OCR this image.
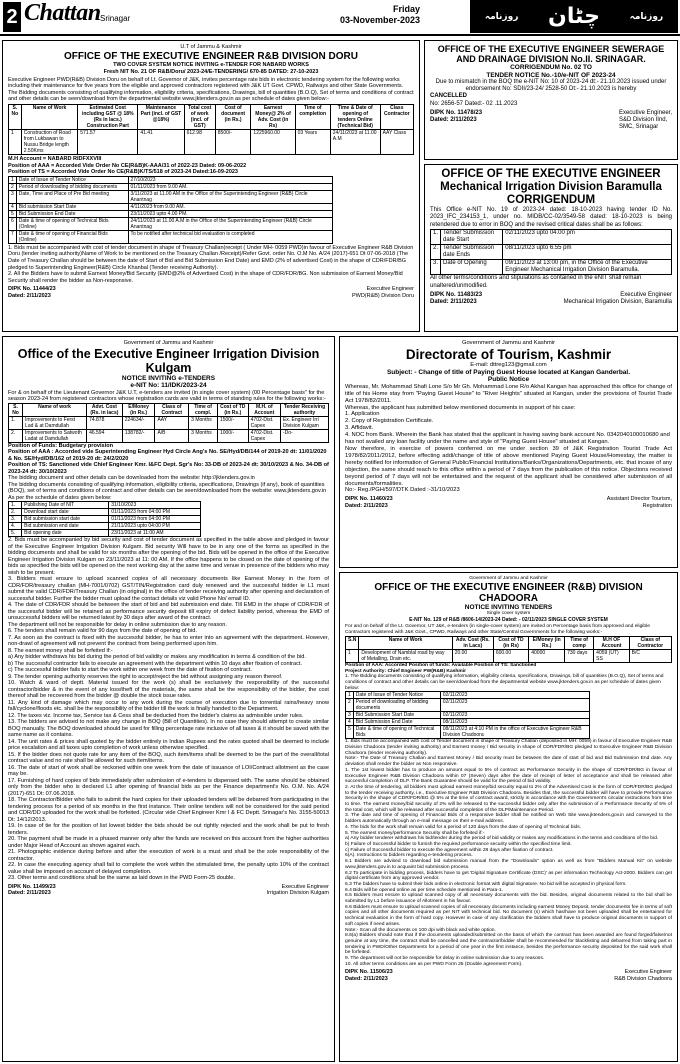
2 Chattan Srinagar
Friday
03-November-2023	روزنامہ چٹان	روزنامہ
U.T of Jammu & Kashmir
OFFICE OF THE EXECUTIVE ENGINEER R&B DIVISION DORU
TWO COVER SYSTEM NOTICE INVITING e-TENDER FOR NABARD WORKS
Fresh NIT No. 21 OF R&B/Doru/ 2023-24/E-TENDERING/ 670-85 DATED: 27-10-2023
Executive Engineer PWD(R&B) Division Doru on behalf of Lt. Governor of J&K, invites percentage rate bids in electronic tendering system for the following works including their maintenance for five years from the eligible and approved contractors registered with J&K UT Govt. CPWD, Railways and other State Governments. The Bidding documents consisting of qualifying information, eligibility criteria, specifications, Drawings, bill of quantities (B.O.Q), Set of terms and conditions of contract and other details can be seen/download from the departmental website www.jktenders.gov.in as per schedule of dates given below:-
S. No	Name of Work	Estimated Cost including GST @ 18% (Rs in lacs.) Construction Part	Maintenance Part (incl. of GST @18%)	Total cost of work (incl. of GST)	Cost of document (in Rs.)	Earnest Money@ 2% of Adv. Cost (in Rs)	Time of completion	Time & Date of opening of tenders Online (Technical Bid)	Class Contractor
1	Construction of Road from Lukbawan to Nussu Bridge length 2.50Kms	571.57	41.41	612.98	8500/-	1225960.00	03 Years	24/11/2023 at 11.00 A.M	AAY Class
M.H Account = NABARD RIDFXXVIII
Position of AAA = Accorded Vide Order No CE(R&B)K-AAA/31 of 2022-23 Dated: 09-06-2022
Position of TS = Accorded Vide Order No CE(R&B)K/TS/518 of 2023-24 Dated:16-09-2023
1	Date of Issue of Tender Notice	27/10/2023
2	Period of downloading of bidding documents	01/11/2023 from 9.00 AM.
3	Date, Time and Place of Pre Bid meeting	3/11/2023 at 11.00 AM in the Office of the Superintending Engineer (R&B) Circle Anantnag
4	Bid submission Start Date	4/11/2023 from 9.00 AM.
5	Bid Submission End Date	23/11/2023 upto 4.00 PM.
6	Date & time of opening of Technical Bids (Online)	24/11/2023 at 11.00 A.M in the Office of the Superintending Engineer (R&B) Circle Anantnag
7	Date & time of opening of Financial Bids (Online)	To be notified after technical bid evaluation is completed
1. Bids must be accompanied with cost of tender document in shape of Treasury Challan(receipt ( Under MH- 0059 PWD)in favour of Executive Engineer R&B Division Doru (tender inviting authority)Name of Work to be mentioned on the Treasury Challan /Receipt)/Refer Govt. order No. O.M No. A/24 (2017)-651 Dt 07-06-2018 (The Date of Treasury Challan should be between the date of Start of Bid and Bid Submission End Date) and EMD (2% of advertised Cost) in the shape of CDR/FDR/BG pledged to Superintending Engineer(R&B) Circle Khanbal (Tender receiving Authority).
2. All the Bidders have to submit Earnest Money/Bid Security (EMD@2% of Advertised Cost) in the shape of CDR/FDR/BG. Non submission of Earnest Money/Bid Security shall render the bidder as Non-responsive.
DIPK No. 11444/23
Dated: 2/11/2023
Executive Engineer
PWD(R&B) Division Doru
OFFICE OF THE EXECUTIVE ENGINEER SEWERAGE AND DRAINAGE DIVISION No.II. SRINAGAR.
CORRIGENDUM No. 02 TO
TENDER NOTICE No.-10/e-NIT OF 2023-24
Due to mismatch in the BOQ the e-NIT No: 10 of 2023-24 dt:- 21.10.2023 issued under endorsement No: SDII/23-24/ 2528-50 Dt:- 21.10.2023 is hereby
CANCELLED
No: 2656-57 Dated:- 02 .11.2023
DIPK No. 11478/23
Dated: 2/11/2023
Executive Engineer,
S&D Division IInd,
SMC, Srinagar
OFFICE OF THE EXECUTIVE ENGINEER Mechanical Irrigation Division Baramulla
CORRIGENDUM
This Office e-NIT No. 19 of 2023-24 dated: 18-10-2023 having tender ID No. 2023_IFC_234153_1, under no. MIDB/CC-02/3549-58 dated: 18-10-2023 is being retendered due to error in BOQ and the revised critical dates shall be as follows:
1.	Tender Submission date Start	02/11/2023 upto 04.00 pm
2.	Tender Submission date Ends	08/11/2023 upto 6.55 pm
3.	Date of Opening	09/11/2023 at 13:00 pm, in the Office of the Executive Engineer Mechanical Irrigation Division Baramulla.
All other terms/conditions and stipulations as contained in the eNIT shall remain unaltered/unmodified.
DIPK No. 11483/23
Dated: 2/11/2023
Executive Engineer
Mechanical Irrigation Division, Baramulla
Government of Jammu and Kashmir
Office of the Executive Engineer Irrigation Division Kulgam
NOTICE INVITING e-TENDERS
e-NIT No: 11/IDK/2023-24
For & on behalf of the Lieutenant Governor J&K U.T, e-tenders are invited (in single cover system) (00 Percentage basis" for the season 2023-24 from registered contractors whose registration cards are valid in terms of standing rules for the following works:-
S. No	Name of work	Advt. Cost (Rs. in lacs)	E/Money (in Rs.)	Class of Contract	Time of compl.	Cost of TD (in Rs.)	M.H. of Account	Tender Receiving authority
1.	Improvements to Ferst Lad & at Damdullah	74.878	224634/-	AAY	3 Months	1500/-	4702-Dist. Capex	Ex. Engineer Irri Division Kulgam
2.	Improvements to Satwoth Ladat at Damdullah	46.594	138782/-	A/B	3 Months	1000/-	4702-Dist. Capex	-Do-
Position of Funds: Budgetary provision
Position of AAA : Accorded vide Superintending Engineer Hyd Circle Ang's No. SE/Hyd/DB/144 of 2019-20 dt: 11/01/2020 & No. SE/Hyd/DB/162 of 2019-20 dt: 24/2/2020
Position of TS: Sanctioned vide Chief Engineer Kmr. I&FC Dept. Sgr's No: 33-DB of 2023-24 dt: 30/10/2023 & No. 34-DB of 2023-24 dt: 30/10/2023
The bidding document and other details can be downloaded from the website: http://jktenders.gov.in
The bidding documents consisting of qualifying information, eligibility criteria, specifications, Drawings (if any), book of quantities (BOQ), set of terms and conditions of contract and other details can be seen/downloaded from the website: www.jktenders.gov.in
As per the schedule of dates given below:
1.	Publishing Date of NIT	31/10/2023
2.	Download start date	01/11/2023 from 04:00 PM
3.	Bid submission start date	01/11/2023 from 04:00 PM
4.	Bid submission end date	21/11/2023 upto 04:00 PM
5.	Bid opening date	23/11/2023 at 11:00 AM

2. Bids must be accompanied by bid security and cost of tender document as specified in the table above and pledged in favour of the Executive Engineer Irrigation Division Kulgam. Bid security Will have to be in any one of the forms as specified in the bidding documents and shall be valid for six months after the opening of the bid. Bids will be opened in the office of the Executive Engineer Irrigation Division Kulgam on 23/11/2023 at 11: 00 AM. If the office happens to be closed on the date of opening of the bids as specified the bids will be opened on the next working day at the same time and venue in presence of the bidders who may wish to be present.

3. Bidders must ensure to upload scanned copies of all necessary documents like Earnest Money in the form of CDR/FDR/treasury challan (MH-7001/0702) GST/TIN/Registration card duly renewed and the successful bidder ie L1 must submit the valid CDR/FDR/Treasury Challan (in original) in the office of tender receiving authority after opening and declaration of successful bidder. Further the bidder must upload the contact details viz valid Phone No/ email ID.

4. The date of CDR/FDR should be between the start of bid and bid submission end date. Till EMD in the shape of CDR/FDR of the successful bidder will be retained as performance security deposit till expiry of defect liability period, whereas the EMD of unsuccessful bidders will be returned latest by 30 days after award of the contract.

The department will not be responsible for delay in online submission due to any reason.

6. The tenders shall remain valid for 90 days from the date of opening of bid.

7. As soon as the contract is fixed with the successful bidder, he has to enter into an agreement with the department. However, non-drawl of agreement will not prevent the contract from being performed upon him.

8. The earnest money shall be forfeited if:-

a) Any bidder withdraws his bid during the period of bid validity or makes any modification in terms & condition of the bid.

b) The successful contractor fails to execute an agreement with the department within 10 days after fixation of contract.

c) The successful bidder fails to start the work within one week from the date of fixation of contract.

9. The tender opening authority reserves the right to accept/reject the bid without assigning any reason thereof.

10. Watch & ward of deptt. Material issued for the work (s) shall be exclusively the responsibility of the successful contractor/bidder & in the event of any loss/theft of the materials, the same shall be the responsibility of the bidder, the cost thereof shall be recovered from the bidder @ double the stock issue rates.

11. Any kind of damage which may occur to any work during the course of execution due to torrential rains/heavy snow fall/cyclone/floods etc. shall be the responsibility of the bidder till the work is finally handed to the Department.

12. The taxes viz. Income tax, Service tax & Cess shall be deducted from the bidder's claims as admissible under rules.

13. The bidders are advised to not make any change in BOQ (Bill of Quantities). In no case they should attempt to create similar BOQ manually. The BOQ downloaded should be used for filling percentage rate inclusive of all taxes & it should be saved with the same name as it contains.

14. The unit rates & prices shall quoted by the bidder entirely in Indian Rupees and the rates quoted shall be deemed to include price escalation and all taxes upto completion of work unless otherwise specified.

15. If the bidder does not quote rate for any item of the BOQ, such item/items shall be deemed to be the part of the overall/total contract value and no rate shall be allowed for such item/items.

16. The date of start of work shall be reckoned within one week from the date of issuance of LOI/Contract allotment as the case may be.

17. Furnishing of hard copies of bids immediately after submission of e-tenders is dispensed with. The same should be obtained only from the bidder who is declared L1 after opening of financial bids as per the Finance department's No. O.M. No. A/24 (2017)-651 Dt: 07.06.2018.

18. The Contractor/Bidder who fails to submit the hard copies for their uploaded tenders will be debarred from participating in the tendering process for a period of six months in the first instance. Their online tenders will not be considered for the said period and CDR/DD uploaded for the work shall be forfeited. (Circular vide Chief Engineer Kmr I & FC Deptt. Srinagar's No. 3155-50013 Dt: 14/12/2013.

19. In case of tie for the position of list lowest bidder the bids should be out rightly rejected and the work shall be put to fresh tenders.

20. The payment shall be made in a phased manner only after the funds are received on this account from the higher authorities under Major Head of Account as shown against each.

21. Photographic evidence during before and after the execution of work is a must and shall be the sole responsibility of the contractor.

22. In case the executing agency shall fail to complete the work within the stimulated time, the penalty upto 10% of the contract value shall be imposed on account of delayed completion.

23. Other terms and conditions shall be the same as laid down in the PWD Form-25 double.

DIPK No. 11499/23
Dated: 2/11/2023
Executive Engineer
Irrigation Division Kulgam
Government of Jammu and Kashmir
Directorate of Tourism, Kashmir
E-mail: dttreg123@gmail.com
Subject: - Change of title of Paying Guest House located at Kangan Ganderbal.
Public Notice
Whereas, Mr. Mohammad Shafi Lone S/o Mr Gh. Mohammad Lone R/o Akhal Kangan has approached this office for change of title of his Home stay from "Paying Guest House" to "River Heights" situated at Kangan, under the provisions of Tourist Trade Act 1978/82/2011.
Whereas, the applicant has submitted below mentioned documents in support of his case:

1. Application

2. Copy of Registration Certificate.

3. Affidavit.

4. NOC from Bank. Wherein the Bank has stated that the applicant is having saving bank account No. 0342040100010680 and has not availed any loan facility under the name and style of "Paying Guest House" situated at Kangan.

Now therefore, in exercise of powers conferred on me under section 39 of J&K Registration Tourist Trade Act 1978/82/2011/2012, before effecting addi/change of title of above mentioned Paying Guest House/Homestay, the matter is hereby notified for information of General Public/Financial Institutions/Banks/Organizations/Departments, etc. that incase of any objection, the same should reach to this office within a period of 7 days from the publication of this notice. Objections received beyond period of 7 days will not be entertained and the request of the applicant shall be considered after submission of all documents/formalities.
No:- Reg./PGH/597/DTK Dated :-31/10/2023
DIPK No. 11460/23
Dated: 2/11/2023
Assistant Director Tourism,
Registration
Government of Jammu and Kashmir
OFFICE OF THE EXECUTIVE ENGINEER (R&B) DIVISION CHADOORA
NOTICE INVITING TENDERS
Single cover system
E-NIT No. 129 of R&B /8606-14/2023-24 Dated: - 02/11/2023 SINGLE COVER SYSTEM
For and on behalf of the Lt. Governor, UT J&K, e-tenders (in single-cover system) are invited on Percentage basis from approved and eligible Contractors registered with J&K Govt., CPWD, Railways and other State/Central Governments for the following works:-
S.N	Name of Work	Adv. Cost (Rs. in Lacs)	Cost of TD (in Rs)	E/Money (in Rs.)	Time of comp	M.H OF Account	Class of Contractor
1	Development of Namblal road by way of Metalling, Drain etc.	20.00	600.00	40000	730 days	4059 (UT) SS	B/C
Position of AAA: Accorded Position of funds: Available Position of TS: Sanctioned
Project Authority: Chief Engineer PW(R&B) Kashmir
1. The Bidding documents consisting of qualifying information, eligibility criteria, specifications, Drawings, bill of quantities (B.O.Q), Set of terms and conditions of contract and other details can be seen/download from the departmental website www.jktenders.gov.in as per schedule of dates given below:
1	Date of Issue of Tender Notice	02/11/2023
2	Period of downloading of bidding documents	02/11/2023
3	Bid Submission Start Date	02/11/2023
4	Bid Submission End Date	08/11/2023
5	Date & time of opening of Technical Bids	08/11/2023 at 4:10 PM in the office of Executive Engineer R&B Division Chadoora

1. Bids must be accompanied with cost of Tender document in shape of Treasury Challan (deposited in MH: 0059) in favour of Executive Engineer R&B Division Chadoora (tender inviting authority) and Earnest money / Bid security in shape of CDR/FDR/BG pledged to Executive Engineer R&B Division Chadoora (tender receiving authority).

Note:- The Date of Treasury Challan and Earnest Money / Bid security must be between the date of start of bid and Bid Submission End date. Any deviation shall render the bidder as Non responsive.

1. The 1st lowest bidder has to produce an amount equal to 5% of contract as Performance Security in the shape of CDR/FDR/BG in favour of Executive Engineer R&B Division Chadoora within 07 (Seven) days after the date of receipt of letter of acceptance and shall be released after successful completion of DLP. The Bank Guarantee should be valid for the period of bid validity.

2. At the time of tendering, all bidders must upload earnest money/bid security equal to 2% of the Advertised Cost in the form of CDR/FDR/BG pledged to the tender receiving authority, i.e., Executive Engineer R&B Division Chadoora. Besides that, the successful bidder will have to provide Performance Security in the shape of CDR/FDR/BG @ 5% at the time of contract award, strictly in accordance with the Government's circular instructions from time to time. The earnest money/bid security of 2% will be released to the successful bidder only after the submission of a Performance Security of 5% of the total cost, which will be released after successful completion of the DLP/Maintenance Period.

3. The date and time of opening of Financial Bids of a responsive bidder shall be notified on Web Site www.jktenders.gov.in and conveyed to the bidders automatically through an e-mail message on their e-mail address.

4. The bids for the work shall remain valid for a period of 120 days from the date of opening of Technical bids.

5. The earnest money/performance Security shall be forfeited if:-

a) Any bidder tenderer withdraws his bid/tender during the period of bid validity or makes any modifications in the terms and conditions of the bid.

b) Failure of Successful bidder to furnish the required performance security within the specified time limit.

c) Failure of Successful bidder to execute the agreement within 28 days after fixation of contract.

6(A). Instructions to bidders regarding e-tendering process.

6.1 Bidders are advised to download bid submission manual from the "Downloads" option as well as from "Bidders Manual Kit" on website www.jktenders.gov.in to acquaint bid submission process.

6.2 To participate in bidding process, bidders have to get 'Digital Signature Certificate (DSC)' as per information Technology Act-2000. Bidders can get digital certificate from any approved vendor.

6.3 The bidders have to submit their bids online in electronic format with digital Signature. No bid will be accepted in physical form.

6.4 Bids will be opened online as per time schedule mentioned in Para-1.

6.5 Bidders must ensure to upload scanned copy of all necessary documents with the bid. Besides, original documents related to the bid shall be submitted by L1 before issuance of Allotment in his favour.

6.6 Bidders must ensure to upload scanned copies of all necessary documents including earnest Money Deposit, tender documents fee in terms of soft copies and all other documents required as per NIT with technical bid. No document (s) which has/have not been uploaded shall be entertained for technical evaluation in the form of hard copy. However in case of any clarification the bidders shall have to produce original documents in support of soft copies if need arises.

Note:- Scan all the documents on 100 dpi with black and white option.

8.6(a) Bidders should note that if the documents uploaded/submitted on the basis of which the contract has been awarded are found forged/false/not genuine at any time, the contract shall be cancelled and the contractor/bidder shall be recommended for blacklisting and debarred from taking part in tendering in PWD/Other Departments for a period of one year in the first instance, besides the performance security deposited for the said work shall be forfeited.

9. The department will not be responsible for delay in online submission due to any reasons.

10. All other terms conditions are as per PWD Form 25 (Double agreement Form).

DIPK No. 11506/23
Dated: 2/11/2023
Executive Engineer
R&B Division Chadoora
